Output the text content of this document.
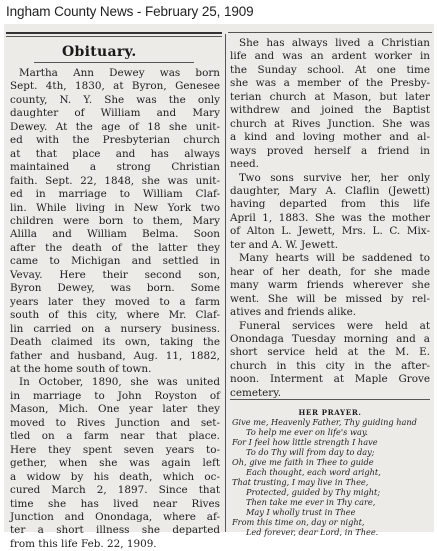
Ingham County News - February 25, 1909
Obituary.
Martha Ann Dewey was born
Sept. 4th, 1830, at Byron, Genesee
county, N. Y. She was the only
daughter of William and Mary
Dewey. At the age of 18 she unit-
ed with the Presbyterian church
at that place and has always
maintained a strong Christian
faith. Sept. 22, 1848, she was unit-
ed in marriage to William Claf-
lin. While living in New York two
children were born to them, Mary
Alilla and William Belma. Soon
after the death of the latter they
came to Michigan and settled in
Vevay. Here their second son,
Byron Dewey, was born. Some
years later they moved to a farm
south of this city, where Mr. Claf-
lin carried on a nursery business.
Death claimed its own, taking the
father and husband, Aug. 11, 1882,
at the home south of town.
In October, 1890, she was united
in marriage to John Royston of
Mason, Mich. One year later they
moved to Rives Junction and set-
tled on a farm near that place.
Here they spent seven years to-
gether, when she was again left
a widow by his death, which oc-
cured March 2, 1897. Since that
time she has lived near Rives
Junction and Onondaga, where af-
ter a short illness she departed
from this life Feb. 22, 1909.
She has always lived a Christian
life and was an ardent worker in
the Sunday school. At one time
she was a member of the Presby-
terian church at Mason, but later
withdrew and joined the Baptist
church at Rives Junction. She was
a kind and loving mother and al-
ways proved herself a friend in
need.
Two sons survive her, her only
daughter, Mary A. Claflin (Jewett)
having departed from this life
April 1, 1883. She was the mother
of Alton L. Jewett, Mrs. L. C. Mix-
ter and A. W. Jewett.
Many hearts will be saddened to
hear of her death, for she made
many warm friends wherever she
went. She will be missed by rel-
atives and friends alike.
Funeral services were held at
Onondaga Tuesday morning and a
short service held at the M. E.
church in this city in the after-
noon. Interment at Maple Grove
cemetery.
HER PRAYER.
Give me, Heavenly Father, Thy guiding hand
To help me ever on life's way.
For I feel how little strength I have
To do Thy will from day to day;
Oh, give me faith in Thee to guide
Each thought, each word aright,
That trusting, I may live in Thee,
Protected, guided by Thy might;
Then take me ever in Thy care,
May I wholly trust in Thee
From this time on, day or night,
Led forever, dear Lord, in Thee.
